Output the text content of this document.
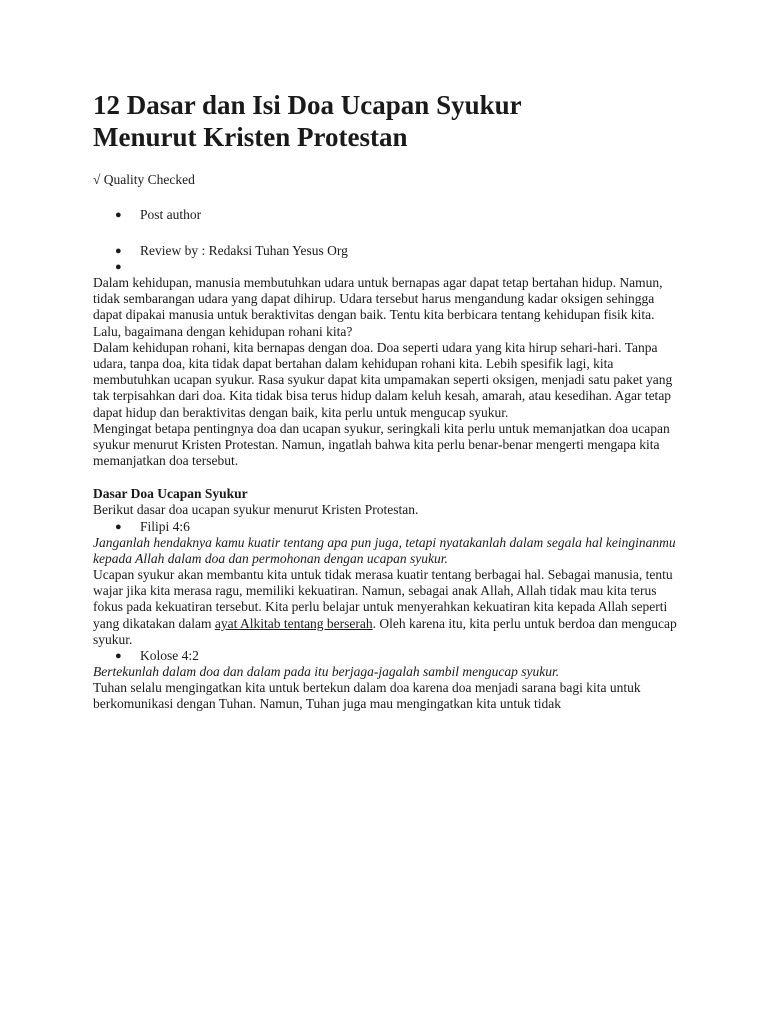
12 Dasar dan Isi Doa Ucapan Syukur
Menurut Kristen Protestan
√ Quality Checked
● Post author
● Review by : Redaksi Tuhan Yesus Org
●

Dalam kehidupan, manusia membutuhkan udara untuk bernapas agar dapat tetap bertahan hidup. Namun, tidak sembarangan udara yang dapat dihirup. Udara tersebut harus mengandung kadar oksigen sehingga dapat dipakai manusia untuk beraktivitas dengan baik. Tentu kita berbicara tentang kehidupan fisik kita. Lalu, bagaimana dengan kehidupan rohani kita?

Dalam kehidupan rohani, kita bernapas dengan doa. Doa seperti udara yang kita hirup sehari-hari. Tanpa udara, tanpa doa, kita tidak dapat bertahan dalam kehidupan rohani kita. Lebih spesifik lagi, kita membutuhkan ucapan syukur. Rasa syukur dapat kita umpamakan seperti oksigen, menjadi satu paket yang tak terpisahkan dari doa. Kita tidak bisa terus hidup dalam keluh kesah, amarah, atau kesedihan. Agar tetap dapat hidup dan beraktivitas dengan baik, kita perlu untuk mengucap syukur.

Mengingat betapa pentingnya doa dan ucapan syukur, seringkali kita perlu untuk memanjatkan doa ucapan syukur menurut Kristen Protestan. Namun, ingatlah bahwa kita perlu benar-benar mengerti mengapa kita memanjatkan doa tersebut.

Dasar Doa Ucapan Syukur

Berikut dasar doa ucapan syukur menurut Kristen Protestan.

● Filipi 4:6

Janganlah hendaknya kamu kuatir tentang apa pun juga, tetapi nyatakanlah dalam segala hal keinginanmu kepada Allah dalam doa dan permohonan dengan ucapan syukur.

Ucapan syukur akan membantu kita untuk tidak merasa kuatir tentang berbagai hal. Sebagai manusia, tentu wajar jika kita merasa ragu, memiliki kekuatiran. Namun, sebagai anak Allah, Allah tidak mau kita terus fokus pada kekuatiran tersebut. Kita perlu belajar untuk menyerahkan kekuatiran kita kepada Allah seperti yang dikatakan dalam ayat Alkitab tentang berserah. Oleh karena itu, kita perlu untuk berdoa dan mengucap syukur.

● Kolose 4:2

Bertekunlah dalam doa dan dalam pada itu berjaga-jagalah sambil mengucap syukur.

Tuhan selalu mengingatkan kita untuk bertekun dalam doa karena doa menjadi sarana bagi kita untuk berkomunikasi dengan Tuhan. Namun, Tuhan juga mau mengingatkan kita untuk tidak
